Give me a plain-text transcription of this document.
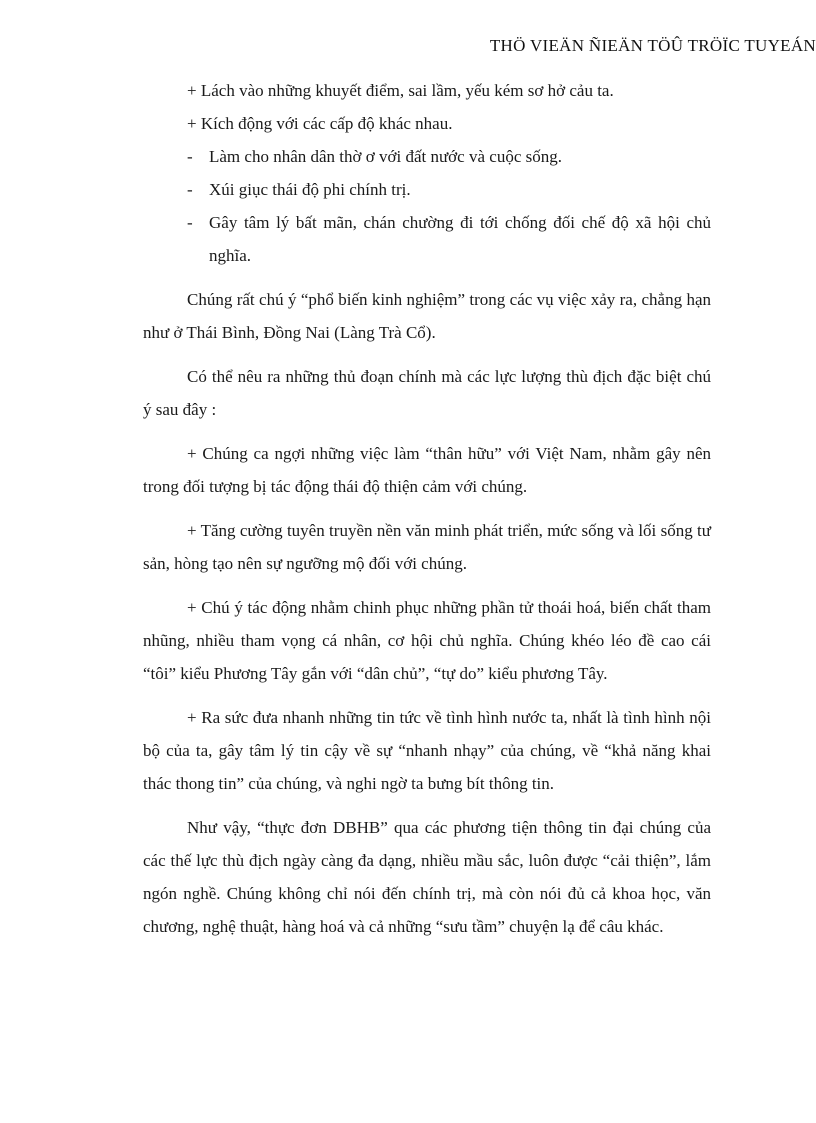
THÖ VIEÄN ÑIEÄN TÖÛ TRÖÏC TUYEÁN
+ Lách vào những khuyết điểm, sai lầm, yếu kém sơ hở cảu ta.
+ Kích động với các cấp độ khác nhau.
- Làm cho nhân dân thờ ơ với đất nước và cuộc sống.
- Xúi giục thái độ phi chính trị.
- Gây tâm lý bất mãn, chán chường đi tới chống đối chế độ xã hội chủ nghĩa.

Chúng rất chú ý “phổ biến kinh nghiệm” trong các vụ việc xảy ra, chẳng hạn như ở Thái Bình, Đồng Nai (Làng Trà Cổ).

Có thể nêu ra những thủ đoạn chính mà các lực lượng thù địch đặc biệt chú ý sau đây :

+ Chúng ca ngợi những việc làm “thân hữu” với Việt Nam, nhằm gây nên trong đối tượng bị tác động thái độ thiện cảm với chúng.

+ Tăng cường tuyên truyền nền văn minh phát triển, mức sống và lối sống tư sản, hòng tạo nên sự ngưỡng mộ đối với chúng.

+ Chú ý tác động nhằm chinh phục những phần tử thoái hoá, biến chất tham nhũng, nhiều tham vọng cá nhân, cơ hội chủ nghĩa. Chúng khéo léo đề cao cái “tôi” kiểu Phương Tây gắn với “dân chủ”, “tự do” kiểu phương Tây.

+ Ra sức đưa nhanh những tin tức về tình hình nước ta, nhất là tình hình nội bộ của ta, gây tâm lý tin cậy về sự “nhanh nhạy” của chúng, về “khả năng khai thác thong tin” của chúng, và nghi ngờ ta bưng bít thông tin.

Như vậy, “thực đơn DBHB” qua các phương tiện thông tin đại chúng của các thế lực thù địch ngày càng đa dạng, nhiều mầu sắc, luôn được “cải thiện”, lắm ngón nghề. Chúng không chỉ nói đến chính trị, mà còn nói đủ cả khoa học, văn chương, nghệ thuật, hàng hoá và cả những “sưu tầm” chuyện lạ để câu khác.
